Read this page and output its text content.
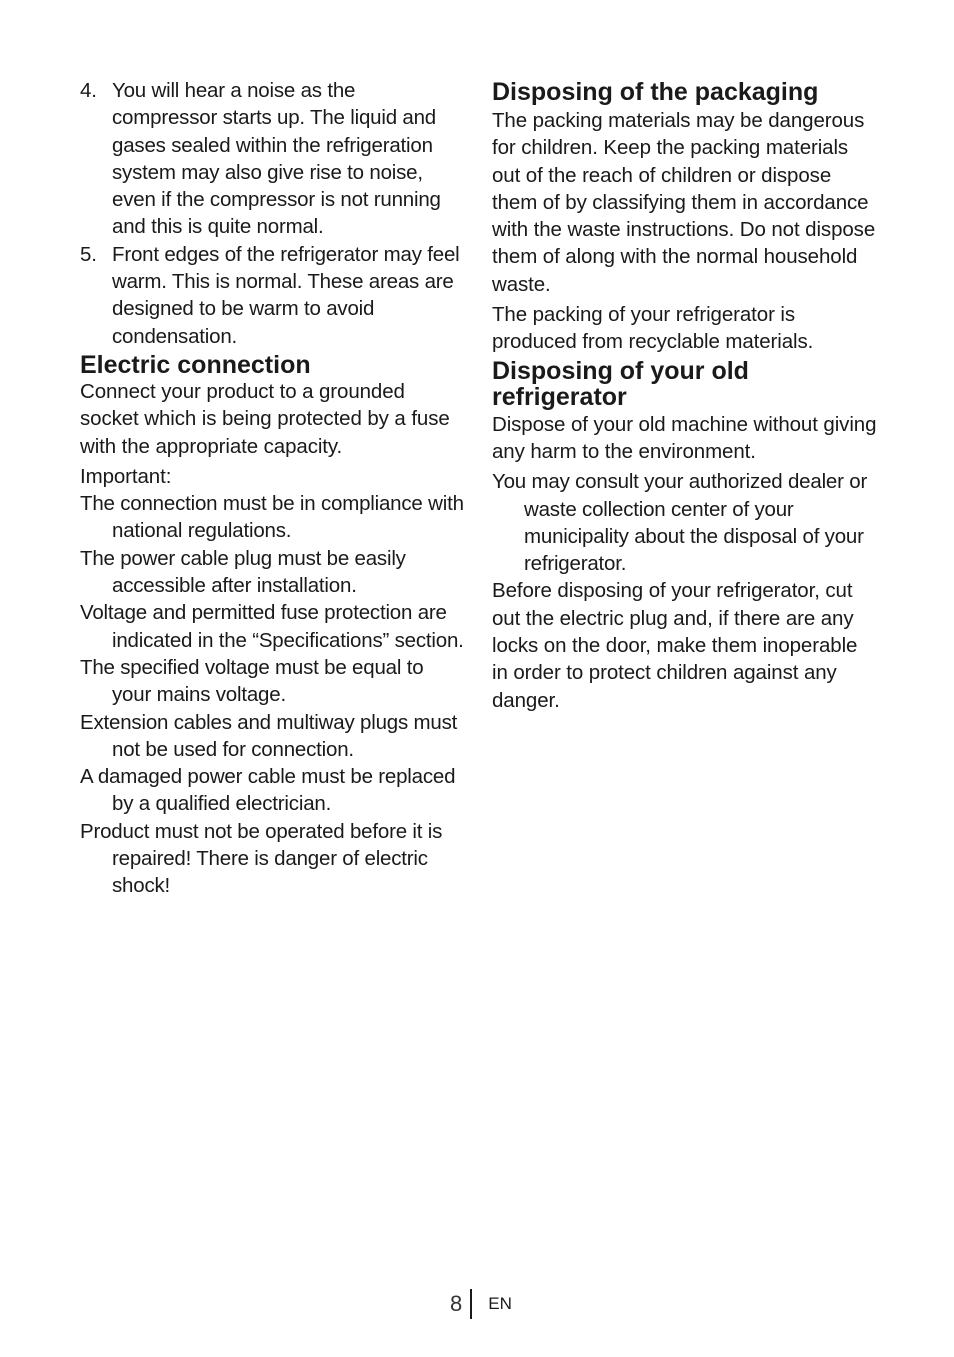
4. You will hear a noise as the compressor starts up. The liquid and gases sealed within the refrigeration system may also give rise to noise, even if the compressor is not running and this is quite normal.
5. Front edges of the refrigerator may feel warm. This is normal. These areas are designed to be warm to avoid condensation.
Electric connection

Connect your product to a grounded socket which is being protected by a fuse with the appropriate capacity.

Important:

The connection must be in compliance with national regulations.

The power cable plug must be easily accessible after installation.

Voltage and permitted fuse protection are indicated in the “Specifications” section.

The specified voltage must be equal to your mains voltage.

Extension cables and multiway plugs must not be used for connection.

A damaged power cable must be replaced by a qualified electrician.

Product must not be operated before it is repaired! There is danger of electric shock!

Disposing of the packaging

The packing materials may be dangerous for children. Keep the packing materials out of the reach of children or dispose them of by classifying them in accordance with the waste instructions. Do not dispose them of along with the normal household waste.

The packing of your refrigerator is produced from recyclable materials.

Disposing of your old refrigerator

Dispose of your old machine without giving any harm to the environment.

You may consult your authorized dealer or waste collection center of your municipality about the disposal of your refrigerator.

Before disposing of your refrigerator, cut out the electric plug and, if there are any locks on the door, make them inoperable in order to protect children against any danger.

8 EN
